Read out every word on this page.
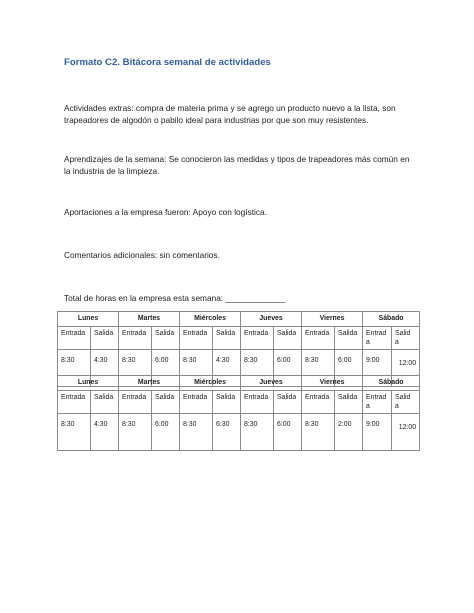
Formato C2. Bitácora semanal de actividades
Actividades extras: compra de materia prima y se agrego un producto nuevo a la lista, son trapeadores de algodón o pabilo ideal para industrias por que son muy resistentes.
Aprendizajes de la semana: Se conocieron las medidas y tipos de trapeadores más común en la industria de la limpieza.
Aportaciones a la empresa fueron: Apoyo con logística.
Comentarios adicionales: sin comentarios.
Total de horas en la empresa esta semana: _____________
Lunes		Martes		Miércoles		Jueves		Viernes		Sábado	
Entrada	Salida	Entrada	Salida	Entrada	Salida	Entrada	Salida	Entrada	Salida	Entrad a	Salid a
8:30	4:30	8:30	6:00	8:30	4:30	8:30	6:00	8:30	6:00	9:00	12:00
Lunes		Martes		Miércoles		Jueves		Viernes		Sábado	
Entrada	Salida	Entrada	Salida	Entrada	Salida	Entrada	Salida	Entrada	Salida	Entrad a	Salid a
8:30	4:30	8:30	6:00	8:30	6:30	8:30	6:00	8:30	2:00	9:00	12:00
